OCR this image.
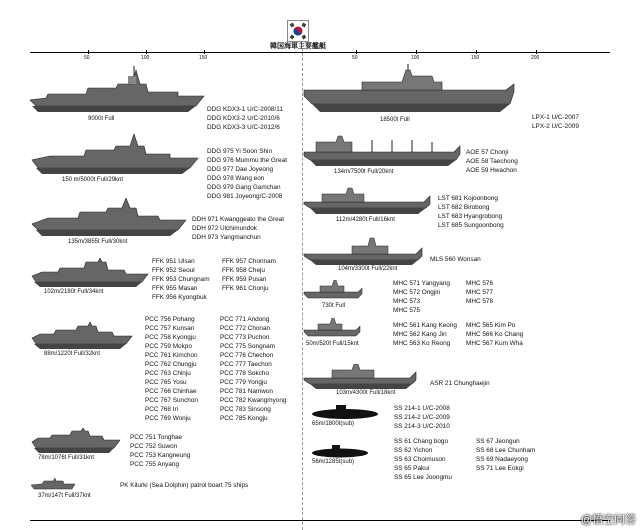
韓国海軍主要艦艇
50	100	150	50	100	150	200
9000t Full
DDG KDX3-1 U/C-2008/11
DDG KDX3-2 U/C-2010/6
DDG KDX3-3 U/C-2012/6
150 m/5000t Full/29knt
DDG 975 Yi Soon Shin
DDG 976 Mummu the Great
DDG 977 Dae Joyeong
DDG 978 Wang eon
DDG 979 Gang Gamchan
DDG 981 Joyeong/C-2008
135m/3855t Full/30knt
DDH 971 Kwanggeato the Great
DDH 972 Ulchimundok
DDH 973 Yangmanchun
102m/2180t Full/34knt
FFK 951 Ulsan
FFK 952 Seoul
FFK 953 Chungnam
FFK 955 Masan
FFK 956 Kyongbuk
FFK 957 Chonnam
FFK 958 Cheju
FFK 959 Pusan
FFK 961 Chonju
88m/1220t Full/32knt
PCC 756 Pohang
PCC 757 Kunsan
PCC 758 Kyongju
PCC 759 Mokpo
PCC 761 Kimchon
PCC 762 Chungju
PCC 763 Chinju
PCC 765 Yosu
PCC 766 Chinhae
PCC 767 Sunchon
PCC 768 Iri
PCC 769 Wonju
PCC 771 Andong
PCC 772 Chonan
PCC 773 Puchon
PCC 775 Songnam
PCC 776 Chechon
PCC 777 Taechon
PCC 778 Sokcho
PCC 779 Yongju
PCC 781 Namwon
PCC 782 Kwangmyong
PCC 783 Sinsong
PCC 785 Kongju
78m/1076t Full/31knt
PCC 751 Tonghae
PCC 752 Suwon
PCC 753 Kangneung
PCC 755 Anyang
37m/147t Full/37knt
PK Kilurki (Sea Dolphin) patrol boart 75 ships
18500t Full	LPX-1 U/C-2007
LPX-2 U/C-2009
134m/7500t Full/20knt
AOE 57 Chonji
AOE 58 Taechong
AOE 59 Hwachon
112m/4280t Full/16knt
LST 681 Kojoonbong
LST 682 Birobong
LST 683 Hyangrobong
LST 685 Sungoonbong
104m/3300t Full/22knt
MLS 560 Wonsan
730t Full
MHC 571 Yangyang
MHC 572 Ongjin
MHC 573
MHC 575
MHC 576
MHC 577
MHC 578
50m/520t Full/15knt
MHC 561 Kang Keong
MHC 562 Kang Jin
MHC 563 Ko Reong
MHC 565 Kim Po
MHC 566 Ko Chang
MHC 567 Kum Wha
103m/4300t Full/18knt
ASR 21 Chunghaejin
65m/1800t(sub)
SS 214-1 U/C-2008
SS 214-2 U/C-2009
SS 214-3 U/C-2010
56m/1285t(sub)
SS 61 Chang bogo
SS 62 Yichon
SS 63 Choimuson
SS 65 Pakui
SS 65 Lee Joongmu
SS 67 Jeongun
SS 68 Lee Chunham
SS 69 Nadaeyong
SS 71 Lee Eokgi
@悟空问答
